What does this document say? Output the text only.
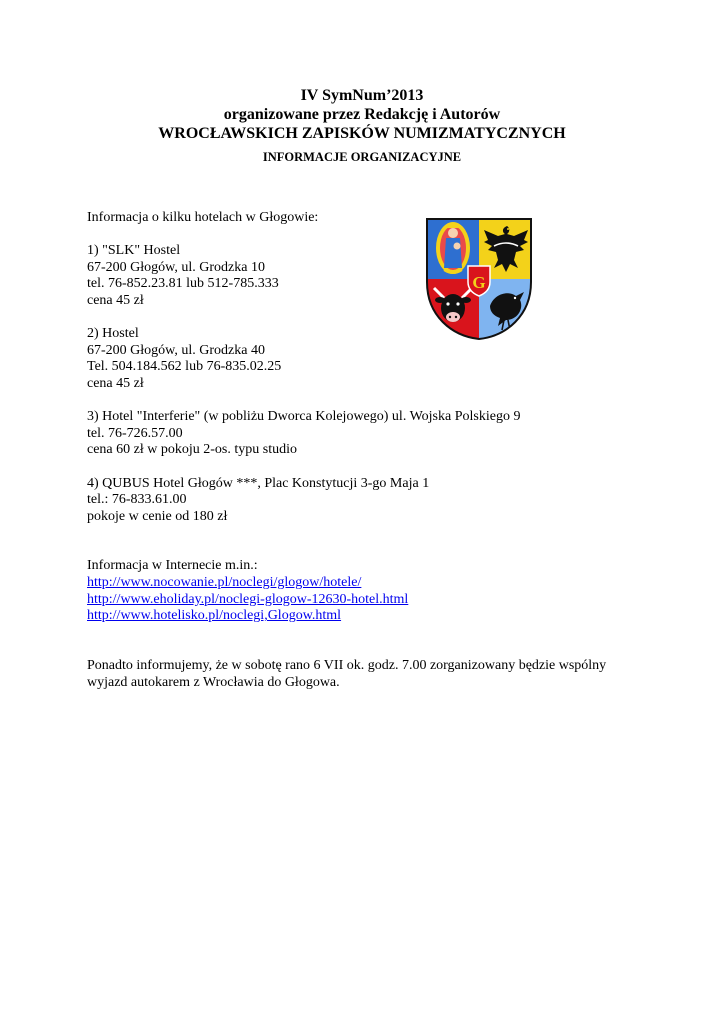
IV SymNum’2013
organizowane przez Redakcję i Autorów
WROCŁAWSKICH ZAPISKÓW NUMIZMATYCZNYCH
INFORMACJE ORGANIZACYJNE
Informacja o kilku hotelach w Głogowie:
1) "SLK" Hostel
67-200 Głogów, ul. Grodzka 10
tel. 76-852.23.81 lub 512-785.333
cena 45 zł
2) Hostel
67-200 Głogów, ul. Grodzka 40
Tel. 504.184.562 lub 76-835.02.25
cena 45 zł
3) Hotel "Interferie" (w pobliżu Dworca Kolejowego) ul. Wojska Polskiego 9
tel. 76-726.57.00
cena 60 zł w pokoju 2-os. typu studio
4) QUBUS Hotel Głogów ***, Plac Konstytucji 3-go Maja 1
tel.: 76-833.61.00
pokoje w cenie od 180 zł
Informacja w Internecie m.in.:
http://www.nocowanie.pl/noclegi/glogow/hotele/
http://www.eholiday.pl/noclegi-glogow-12630-hotel.html
http://www.hotelisko.pl/noclegi,Glogow.html
Ponadto informujemy, że w sobotę rano 6 VII ok. godz. 7.00 zorganizowany będzie wspólny wyjazd autokarem z Wrocławia do Głogowa.
G
